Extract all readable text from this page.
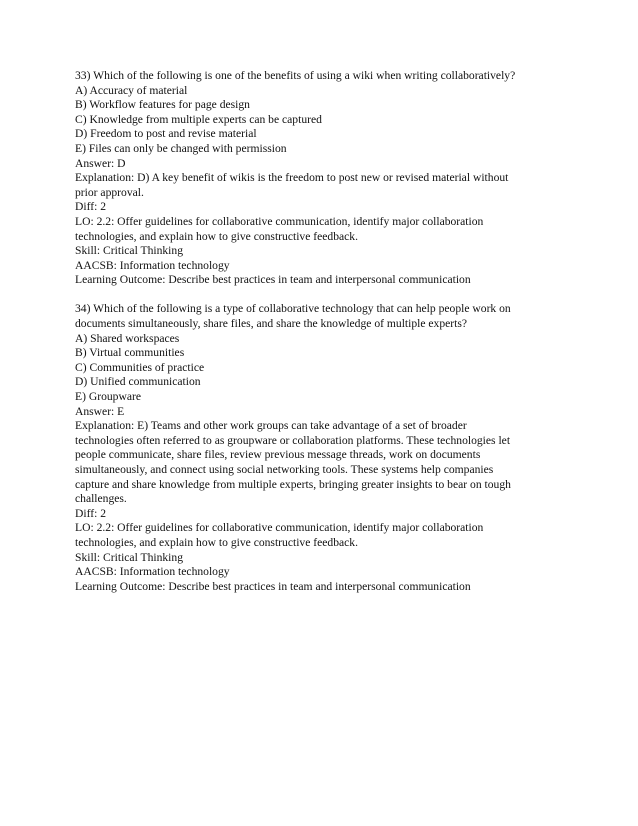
33) Which of the following is one of the benefits of using a wiki when writing collaboratively?
A) Accuracy of material
B) Workflow features for page design
C) Knowledge from multiple experts can be captured
D) Freedom to post and revise material
E) Files can only be changed with permission
Answer: D
Explanation: D) A key benefit of wikis is the freedom to post new or revised material without
prior approval.
Diff: 2
LO: 2.2: Offer guidelines for collaborative communication, identify major collaboration
technologies, and explain how to give constructive feedback.
Skill: Critical Thinking
AACSB: Information technology
Learning Outcome: Describe best practices in team and interpersonal communication
34) Which of the following is a type of collaborative technology that can help people work on
documents simultaneously, share files, and share the knowledge of multiple experts?
A) Shared workspaces
B) Virtual communities
C) Communities of practice
D) Unified communication
E) Groupware
Answer: E
Explanation: E) Teams and other work groups can take advantage of a set of broader
technologies often referred to as groupware or collaboration platforms. These technologies let
people communicate, share files, review previous message threads, work on documents
simultaneously, and connect using social networking tools. These systems help companies
capture and share knowledge from multiple experts, bringing greater insights to bear on tough
challenges.
Diff: 2
LO: 2.2: Offer guidelines for collaborative communication, identify major collaboration
technologies, and explain how to give constructive feedback.
Skill: Critical Thinking
AACSB: Information technology
Learning Outcome: Describe best practices in team and interpersonal communication
